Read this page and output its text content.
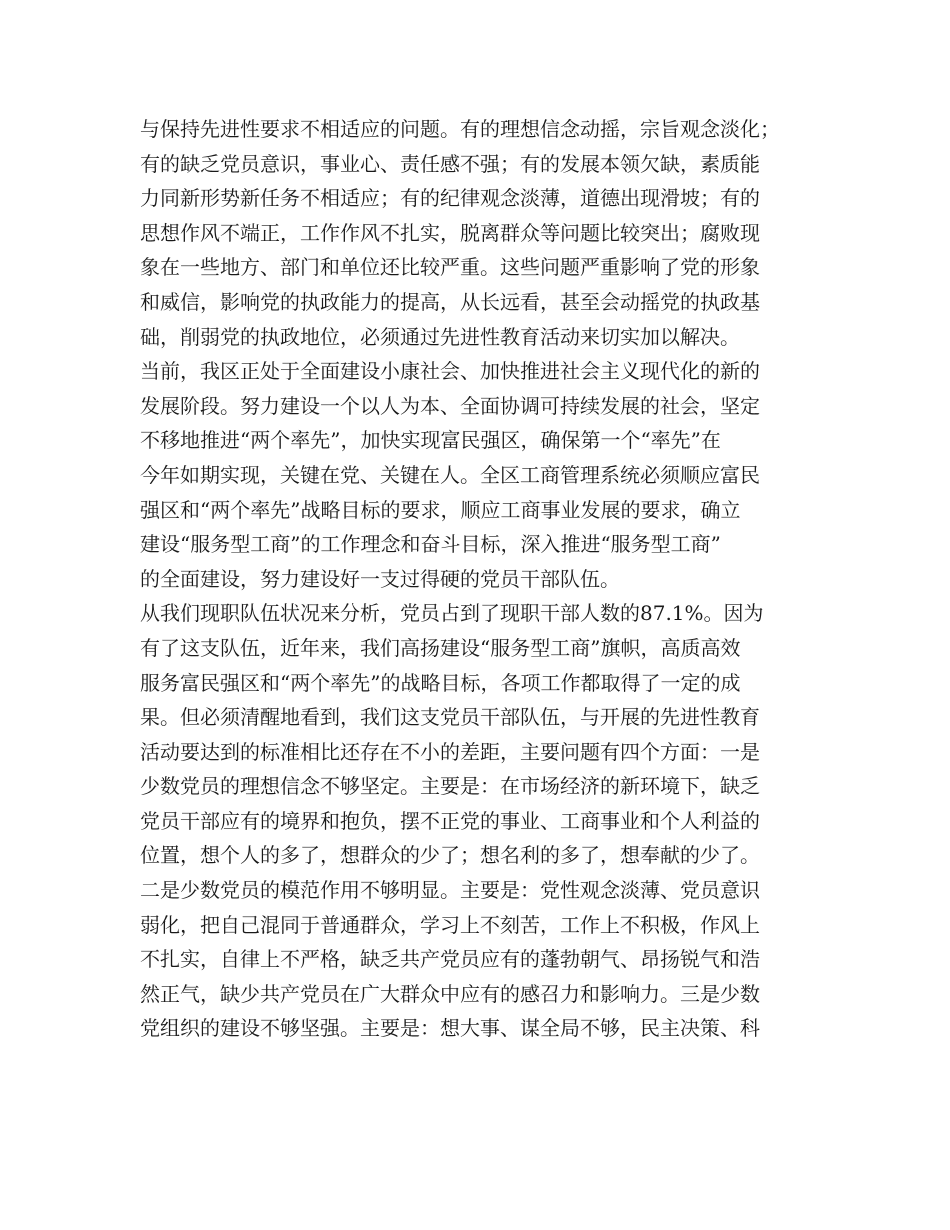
与保持先进性要求不相适应的问题。有的理想信念动摇，宗旨观念淡化；
有的缺乏党员意识，事业心、责任感不强；有的发展本领欠缺，素质能
力同新形势新任务不相适应；有的纪律观念淡薄，道德出现滑坡；有的
思想作风不端正，工作作风不扎实，脱离群众等问题比较突出；腐败现
象在一些地方、部门和单位还比较严重。这些问题严重影响了党的形象
和威信，影响党的执政能力的提高，从长远看，甚至会动摇党的执政基
础，削弱党的执政地位，必须通过先进性教育活动来切实加以解决。
当前，我区正处于全面建设小康社会、加快推进社会主义现代化的新的
发展阶段。努力建设一个以人为本、全面协调可持续发展的社会，坚定
不移地推进“两个率先”，加快实现富民强区，确保第一个“率先”在
今年如期实现，关键在党、关键在人。全区工商管理系统必须顺应富民
强区和“两个率先”战略目标的要求，顺应工商事业发展的要求，确立
建设“服务型工商”的工作理念和奋斗目标，深入推进“服务型工商”
的全面建设，努力建设好一支过得硬的党员干部队伍。
从我们现职队伍状况来分析，党员占到了现职干部人数的87.1%。因为
有了这支队伍，近年来，我们高扬建设“服务型工商”旗帜，高质高效
服务富民强区和“两个率先”的战略目标，各项工作都取得了一定的成
果。但必须清醒地看到，我们这支党员干部队伍，与开展的先进性教育
活动要达到的标准相比还存在不小的差距，主要问题有四个方面：一是
少数党员的理想信念不够坚定。主要是：在市场经济的新环境下，缺乏
党员干部应有的境界和抱负，摆不正党的事业、工商事业和个人利益的
位置，想个人的多了，想群众的少了；想名利的多了，想奉献的少了。
二是少数党员的模范作用不够明显。主要是：党性观念淡薄、党员意识
弱化，把自己混同于普通群众，学习上不刻苦，工作上不积极，作风上
不扎实，自律上不严格，缺乏共产党员应有的蓬勃朝气、昂扬锐气和浩
然正气，缺少共产党员在广大群众中应有的感召力和影响力。三是少数
党组织的建设不够坚强。主要是：想大事、谋全局不够，民主决策、科
